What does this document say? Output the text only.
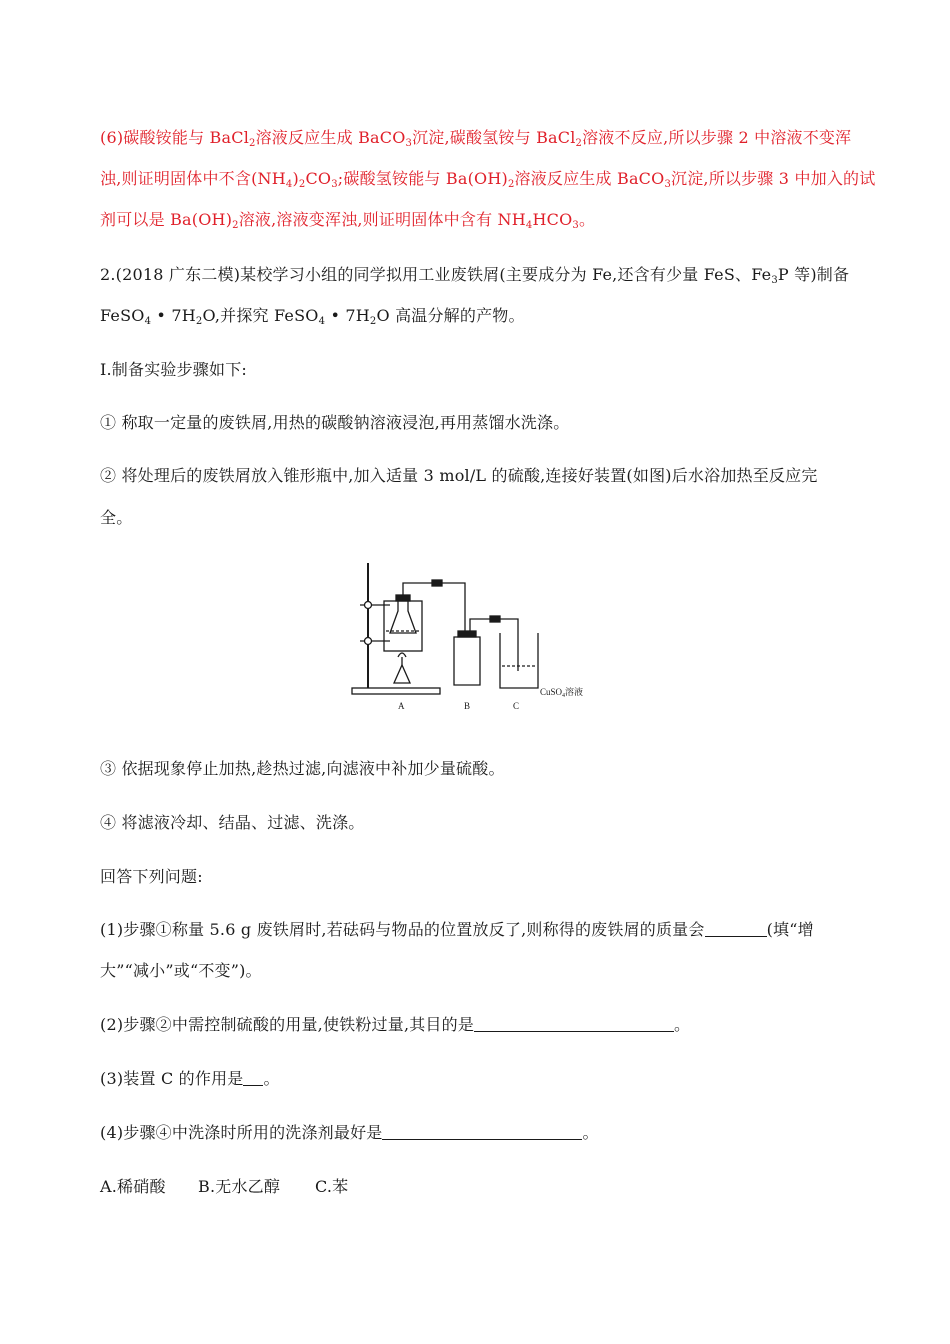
(6)碳酸铵能与 BaCl$_2$溶液反应生成 BaCO$_3$沉淀,碳酸氢铵与 BaCl$_2$溶液不反应,所以步骤 2 中溶液不变浑
浊,则证明固体中不含$(NH_4)_2CO_3$;碳酸氢铵能与 $Ba(OH)_2$溶液反应生成 BaCO$_3$沉淀,所以步骤 3 中加入的试
剂可以是 $Ba(OH)_2$溶液,溶液变浑浊,则证明固体中含有 $NH_4HCO_3$。
2.(2018 广东二模)某校学习小组的同学拟用工业废铁屑(主要成分为 Fe,还含有少量 FeS、$Fe_3P$ 等)制备
FeSO$_4$ • $7H_2O$,并探究 FeSO$_4$ • $7H_2O$ 高温分解的产物。
Ⅰ.制备实验步骤如下:
① 称取一定量的废铁屑,用热的碳酸钠溶液浸泡,再用蒸馏水洗涤。
② 将处理后的废铁屑放入锥形瓶中,加入适量 3 mol/L 的硫酸,连接好装置(如图)后水浴加热至反应完
全。
A	B	C
CuSO$_4$溶液
③ 依据现象停止加热,趁热过滤,向滤液中补加少量硫酸。
④ 将滤液冷却、结晶、过滤、洗涤。
回答下列问题:
(1)步骤①称量 5.6 g 废铁屑时,若砝码与物品的位置放反了,则称得的废铁屑的质量会	(填“增
大”“减小”或“不变”)。
(2)步骤②中需控制硫酸的用量,使铁粉过量,其目的是	。
(3)装置 C 的作用是 。
(4)步骤④中洗涤时所用的洗涤剂最好是	。
A.稀硝酸 B.无水乙醇 C.苯
